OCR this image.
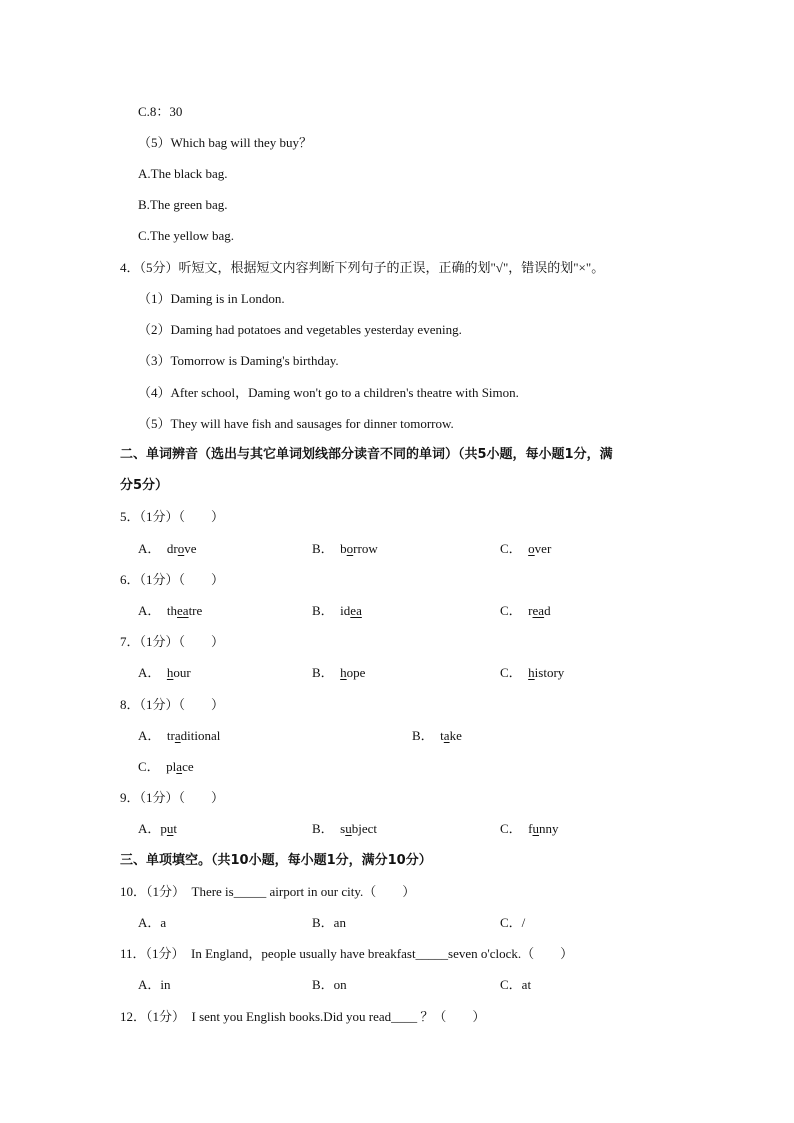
C.8：30
（5）Which bag will they buy？
A.The black bag.
B.The green bag.
C.The yellow bag.
4．（5分）听短文，根据短文内容判断下列句子的正误，正确的划"√"，错误的划"×"。
（1）Daming is in London.
（2）Daming had potatoes and vegetables yesterday evening.
（3）Tomorrow is Daming's birthday.
（4）After school，Daming won't go to a children's theatre with Simon.
（5）They will have fish and sausages for dinner tomorrow.
二、单词辨音（选出与其它单词划线部分读音不同的单词）（共5小题，每小题1分，满
分5分）
5．（1分）（　　）
A． drove	B． borrow	C． over
6．（1分）（　　）
A． theatre	B． idea	C． read
7．（1分）（　　）
A． hour	B． hope	C． history
8．（1分）（　　）
A． traditional	B． take
C． place
9．（1分）（　　）
A．put	B． subject	C． funny
三、单项填空。（共10小题，每小题1分，满分10分）
10．（1分）  There is_____ airport in our city.（　　）
A．a	B．an	C．/
11．（1分）  In England，people usually have breakfast_____seven o'clock.（　　）
A．in	B．on	C．at
12．（1分）  I sent you English books.Did you read____ ？（　　）
